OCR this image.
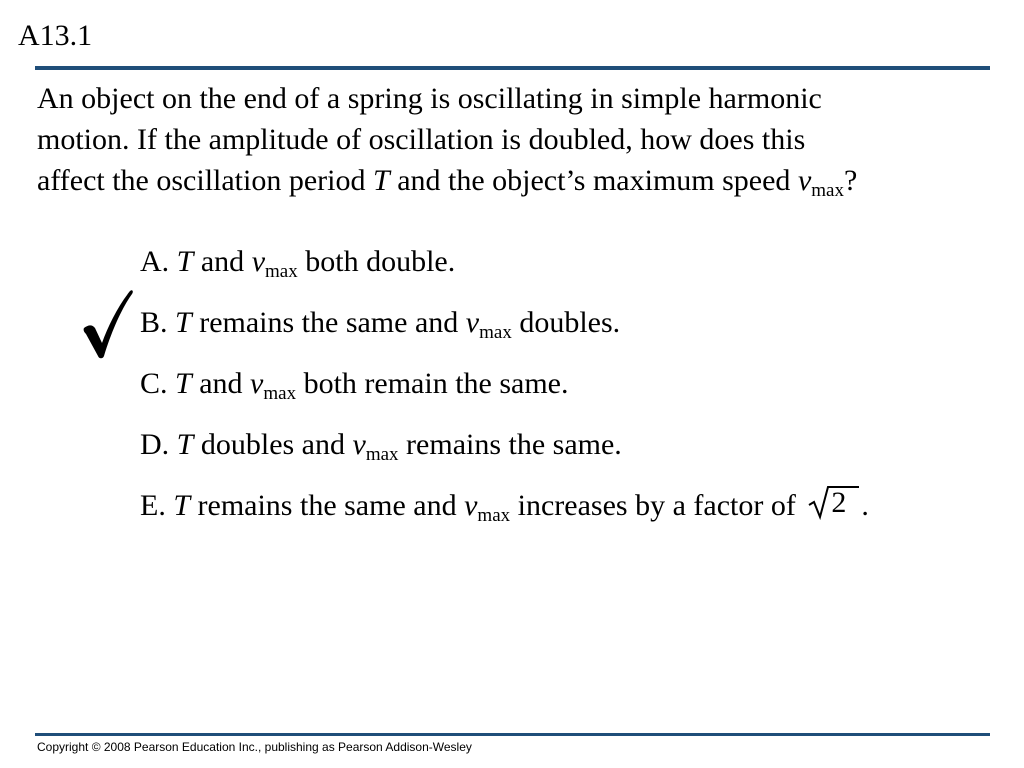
A13.1
An object on the end of a spring is oscillating in simple harmonic
motion. If the amplitude of oscillation is doubled, how does this
affect the oscillation period T and the object’s maximum speed $v_{max}$?
A. T and $v_{max}$ both double.
B. T remains the same and $v_{max}$ doubles.
C. T and $v_{max}$ both remain the same.
D. T doubles and $v_{max}$ remains the same.
E. T remains the same and $v_{max}$ increases by a factor of 2 .
Copyright © 2008 Pearson Education Inc., publishing as Pearson Addison-Wesley
